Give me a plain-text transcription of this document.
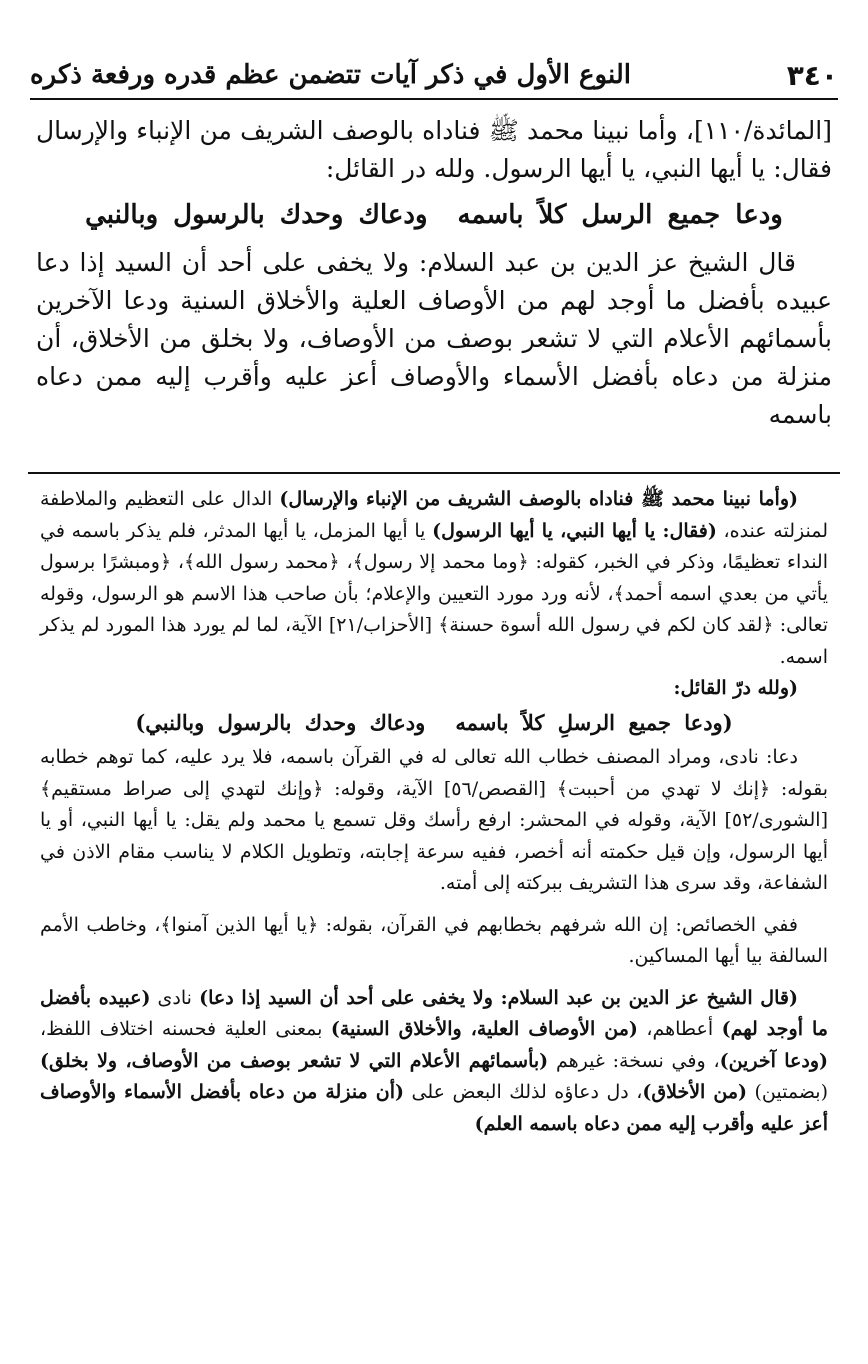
٣٤٠
النوع الأول في ذكر آيات تتضمن عظم قدره ورفعة ذكره

[المائدة/١١٠]، وأما نبينا محمد ﷺ فناداه بالوصف الشريف من الإنباء والإرسال فقال: يا أيها النبي، يا أيها الرسول. ولله در القائل:

ودعا جميع الرسل كلاً باسمهودعاك وحدك بالرسول وبالنبي

قال الشيخ عز الدين بن عبد السلام: ولا يخفى على أحد أن السيد إذا دعا عبيده بأفضل ما أوجد لهم من الأوصاف العلية والأخلاق السنية ودعا الآخرين بأسمائهم الأعلام التي لا تشعر بوصف من الأوصاف، ولا بخلق من الأخلاق، أن منزلة من دعاه بأفضل الأسماء والأوصاف أعز عليه وأقرب إليه ممن دعاه باسمه

(وأما نبينا محمد ﷺ فناداه بالوصف الشريف من الإنباء والإرسال) الدال على التعظيم والملاطفة لمنزلته عنده، (فقال: يا أيها النبي، يا أيها الرسول) يا أيها المزمل، يا أيها المدثر، فلم يذكر باسمه في النداء تعظيمًا، وذكر في الخبر، كقوله: ﴿وما محمد إلا رسول﴾، ﴿محمد رسول الله﴾، ﴿ومبشرًا برسول يأتي من بعدي اسمه أحمد﴾، لأنه ورد مورد التعيين والإعلام؛ بأن صاحب هذا الاسم هو الرسول، وقوله تعالى: ﴿لقد كان لكم في رسول الله أسوة حسنة﴾ [الأحزاب/٢١] الآية، لما لم يورد هذا المورد لم يذكر اسمه.

(ولله درّ القائل:

(ودعا جميع الرسلِ كلاً باسمهودعاك وحدك بالرسول وبالنبي)

دعا: نادى، ومراد المصنف خطاب الله تعالى له في القرآن باسمه، فلا يرد عليه، كما توهم خطابه بقوله: ﴿إنك لا تهدي من أحببت﴾ [القصص/٥٦] الآية، وقوله: ﴿وإنك لتهدي إلى صراط مستقيم﴾ [الشورى/٥٢] الآية، وقوله في المحشر: ارفع رأسك وقل تسمع يا محمد ولم يقل: يا أيها النبي، أو يا أيها الرسول، وإن قيل حكمته أنه أخصر، ففيه سرعة إجابته، وتطويل الكلام لا يناسب مقام الاذن في الشفاعة، وقد سرى هذا التشريف ببركته إلى أمته.

ففي الخصائص: إن الله شرفهم بخطابهم في القرآن، بقوله: ﴿يا أيها الذين آمنوا﴾، وخاطب الأمم السالفة بيا أيها المساكين.

(قال الشيخ عز الدين بن عبد السلام: ولا يخفى على أحد أن السيد إذا دعا) نادى (عبيده بأفضل ما أوجد لهم) أعطاهم، (من الأوصاف العلية، والأخلاق السنية) بمعنى العلية فحسنه اختلاف اللفظ، (ودعا آخرين)، وفي نسخة: غيرهم (بأسمائهم الأعلام التي لا تشعر بوصف من الأوصاف، ولا بخلق) (بضمتين) (من الأخلاق)، دل دعاؤه لذلك البعض على (أن منزلة من دعاه بأفضل الأسماء والأوصاف أعز عليه وأقرب إليه ممن دعاه باسمه العلم)
